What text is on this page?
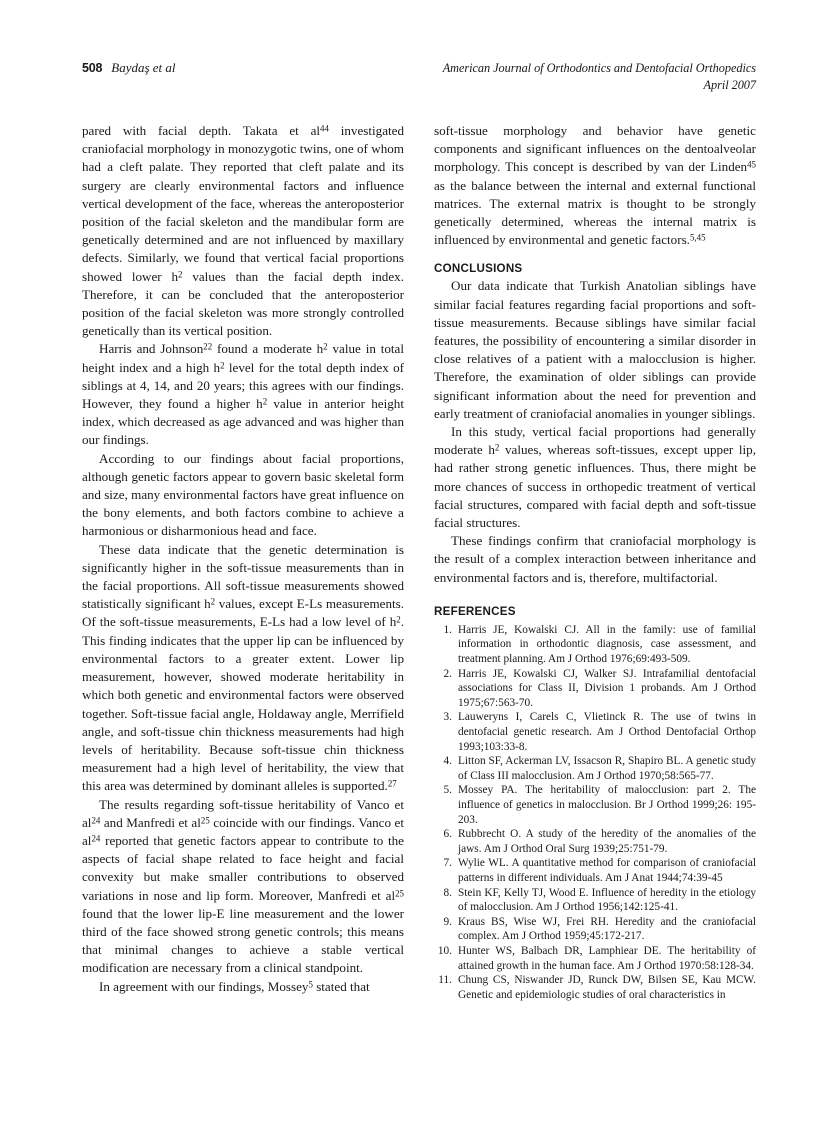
508 Baydaş et al	American Journal of Orthodontics and Dentofacial Orthopedics
April 2007

pared with facial depth. Takata et $al^{44}$ investigated craniofacial morphology in monozygotic twins, one of whom had a cleft palate. They reported that cleft palate and its surgery are clearly environmental factors and influence vertical development of the face, whereas the anteroposterior position of the facial skeleton and the mandibular form are genetically determined and are not influenced by maxillary defects. Similarly, we found that vertical facial proportions showed lower $h^2$ values than the facial depth index. Therefore, it can be concluded that the anteroposterior position of the facial skeleton was more strongly controlled genetically than its vertical position.

Harris and Johnson$^{22}$ found a moderate $h^2$ value in total height index and a high $h^2$ level for the total depth index of siblings at 4, 14, and 20 years; this agrees with our findings. However, they found a higher $h^2$ value in anterior height index, which decreased as age advanced and was higher than our findings.

According to our findings about facial proportions, although genetic factors appear to govern basic skeletal form and size, many environmental factors have great influence on the bony elements, and both factors combine to achieve a harmonious or disharmonious head and face.

These data indicate that the genetic determination is significantly higher in the soft-tissue measurements than in the facial proportions. All soft-tissue measurements showed statistically significant $h^2$ values, except E-Ls measurements. Of the soft-tissue measurements, E-Ls had a low level of $h^2$. This finding indicates that the upper lip can be influenced by environmental factors to a greater extent. Lower lip measurement, however, showed moderate heritability in which both genetic and environmental factors were observed together. Soft-tissue facial angle, Holdaway angle, Merrifield angle, and soft-tissue chin thickness measurements had high levels of heritability. Because soft-tissue chin thickness measurement had a high level of heritability, the view that this area was determined by dominant alleles is supported.$^{27}$

The results regarding soft-tissue heritability of Vanco et $al^{24}$ and Manfredi et $al^{25}$ coincide with our findings. Vanco et $al^{24}$ reported that genetic factors appear to contribute to the aspects of facial shape related to face height and facial convexity but make smaller contributions to observed variations in nose and lip form. Moreover, Manfredi et $al^{25}$ found that the lower lip-E line measurement and the lower third of the face showed strong genetic controls; this means that minimal changes to achieve a stable vertical modification are necessary from a clinical standpoint.

In agreement with our findings, Mossey$^5$ stated that

soft-tissue morphology and behavior have genetic components and significant influences on the dentoalveolar morphology. This concept is described by van der Linden$^{45}$ as the balance between the internal and external functional matrices. The external matrix is thought to be strongly genetically determined, whereas the internal matrix is influenced by environmental and genetic factors.$^{5,45}$

CONCLUSIONS

Our data indicate that Turkish Anatolian siblings have similar facial features regarding facial proportions and soft-tissue measurements. Because siblings have similar facial features, the possibility of encountering a similar disorder in close relatives of a patient with a malocclusion is higher. Therefore, the examination of older siblings can provide significant information about the need for prevention and early treatment of craniofacial anomalies in younger siblings.

In this study, vertical facial proportions had generally moderate $h^2$ values, whereas soft-tissues, except upper lip, had rather strong genetic influences. Thus, there might be more chances of success in orthopedic treatment of vertical facial structures, compared with facial depth and soft-tissue facial structures.

These findings confirm that craniofacial morphology is the result of a complex interaction between inheritance and environmental factors and is, therefore, multifactorial.

REFERENCES
1. Harris JE, Kowalski CJ. All in the family: use of familial information in orthodontic diagnosis, case assessment, and treatment planning. Am J Orthod 1976;69:493-509.
2. Harris JE, Kowalski CJ, Walker SJ. Intrafamilial dentofacial associations for Class II, Division 1 probands. Am J Orthod 1975;67:563-70.
3. Lauweryns I, Carels C, Vlietinck R. The use of twins in dentofacial genetic research. Am J Orthod Dentofacial Orthop 1993;103:33-8.
4. Litton SF, Ackerman LV, Issacson R, Shapiro BL. A genetic study of Class III malocclusion. Am J Orthod 1970;58:565-77.
5. Mossey PA. The heritability of malocclusion: part 2. The influence of genetics in malocclusion. Br J Orthod 1999;26: 195-203.
6. Rubbrecht O. A study of the heredity of the anomalies of the jaws. Am J Orthod Oral Surg 1939;25:751-79.
7. Wylie WL. A quantitative method for comparison of craniofacial patterns in different individuals. Am J Anat 1944;74:39-45
8. Stein KF, Kelly TJ, Wood E. Influence of heredity in the etiology of malocclusion. Am J Orthod 1956;142:125-41.
9. Kraus BS, Wise WJ, Frei RH. Heredity and the craniofacial complex. Am J Orthod 1959;45:172-217.
10. Hunter WS, Balbach DR, Lamphiear DE. The heritability of attained growth in the human face. Am J Orthod 1970:58:128-34.
11. Chung CS, Niswander JD, Runck DW, Bilsen SE, Kau MCW. Genetic and epidemiologic studies of oral characteristics in
